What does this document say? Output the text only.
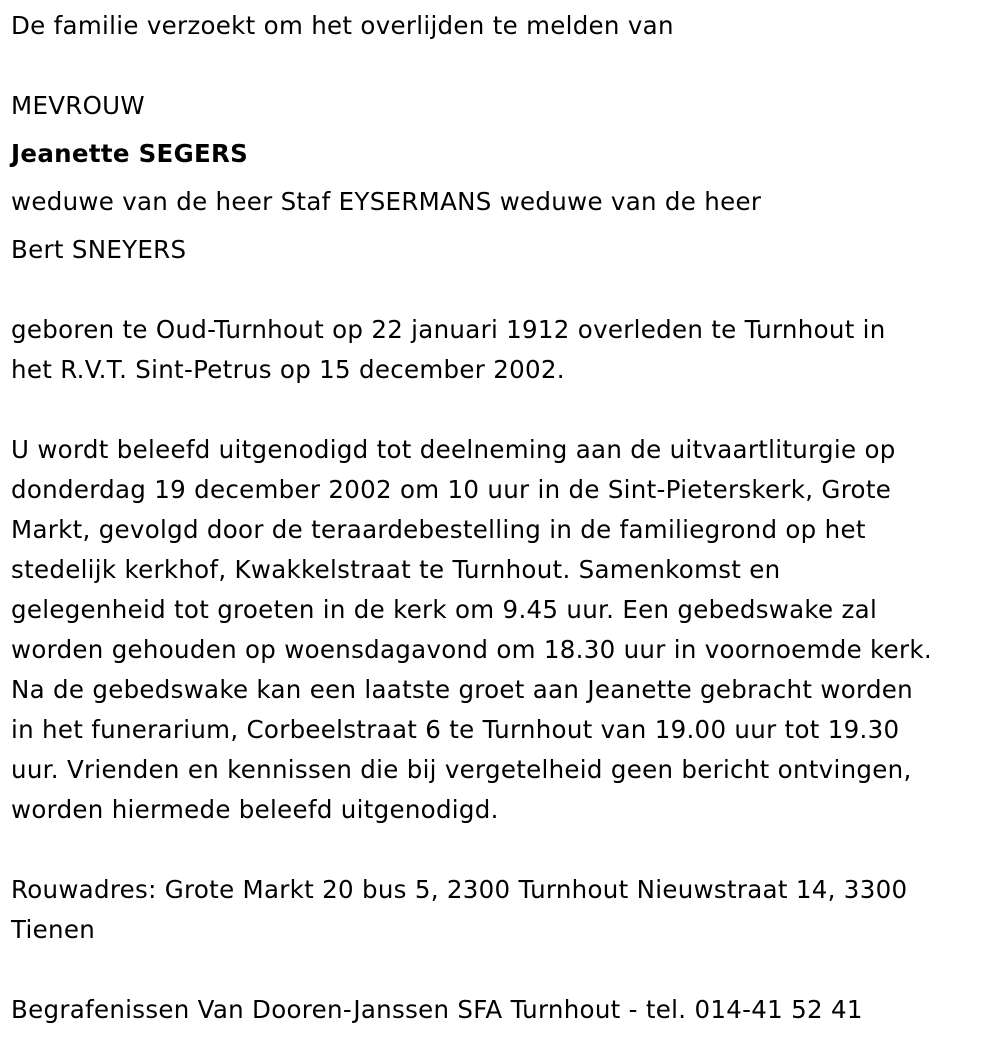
De familie verzoekt om het overlijden te melden van
MEVROUW
Jeanette SEGERS
weduwe van de heer Staf EYSERMANS weduwe van de heer
Bert SNEYERS
geboren te Oud-Turnhout op 22 januari 1912 overleden te Turnhout in
het R.V.T. Sint-Petrus op 15 december 2002.
U wordt beleefd uitgenodigd tot deelneming aan de uitvaartliturgie op
donderdag 19 december 2002 om 10 uur in de Sint-Pieterskerk, Grote
Markt, gevolgd door de teraardebestelling in de familiegrond op het
stedelijk kerkhof, Kwakkelstraat te Turnhout. Samenkomst en
gelegenheid tot groeten in de kerk om 9.45 uur. Een gebedswake zal
worden gehouden op woensdagavond om 18.30 uur in voornoemde kerk.
Na de gebedswake kan een laatste groet aan Jeanette gebracht worden
in het funerarium, Corbeelstraat 6 te Turnhout van 19.00 uur tot 19.30
uur. Vrienden en kennissen die bij vergetelheid geen bericht ontvingen,
worden hiermede beleefd uitgenodigd.
Rouwadres: Grote Markt 20 bus 5, 2300 Turnhout Nieuwstraat 14, 3300
Tienen
Begrafenissen Van Dooren-Janssen SFA Turnhout - tel. 014-41 52 41
